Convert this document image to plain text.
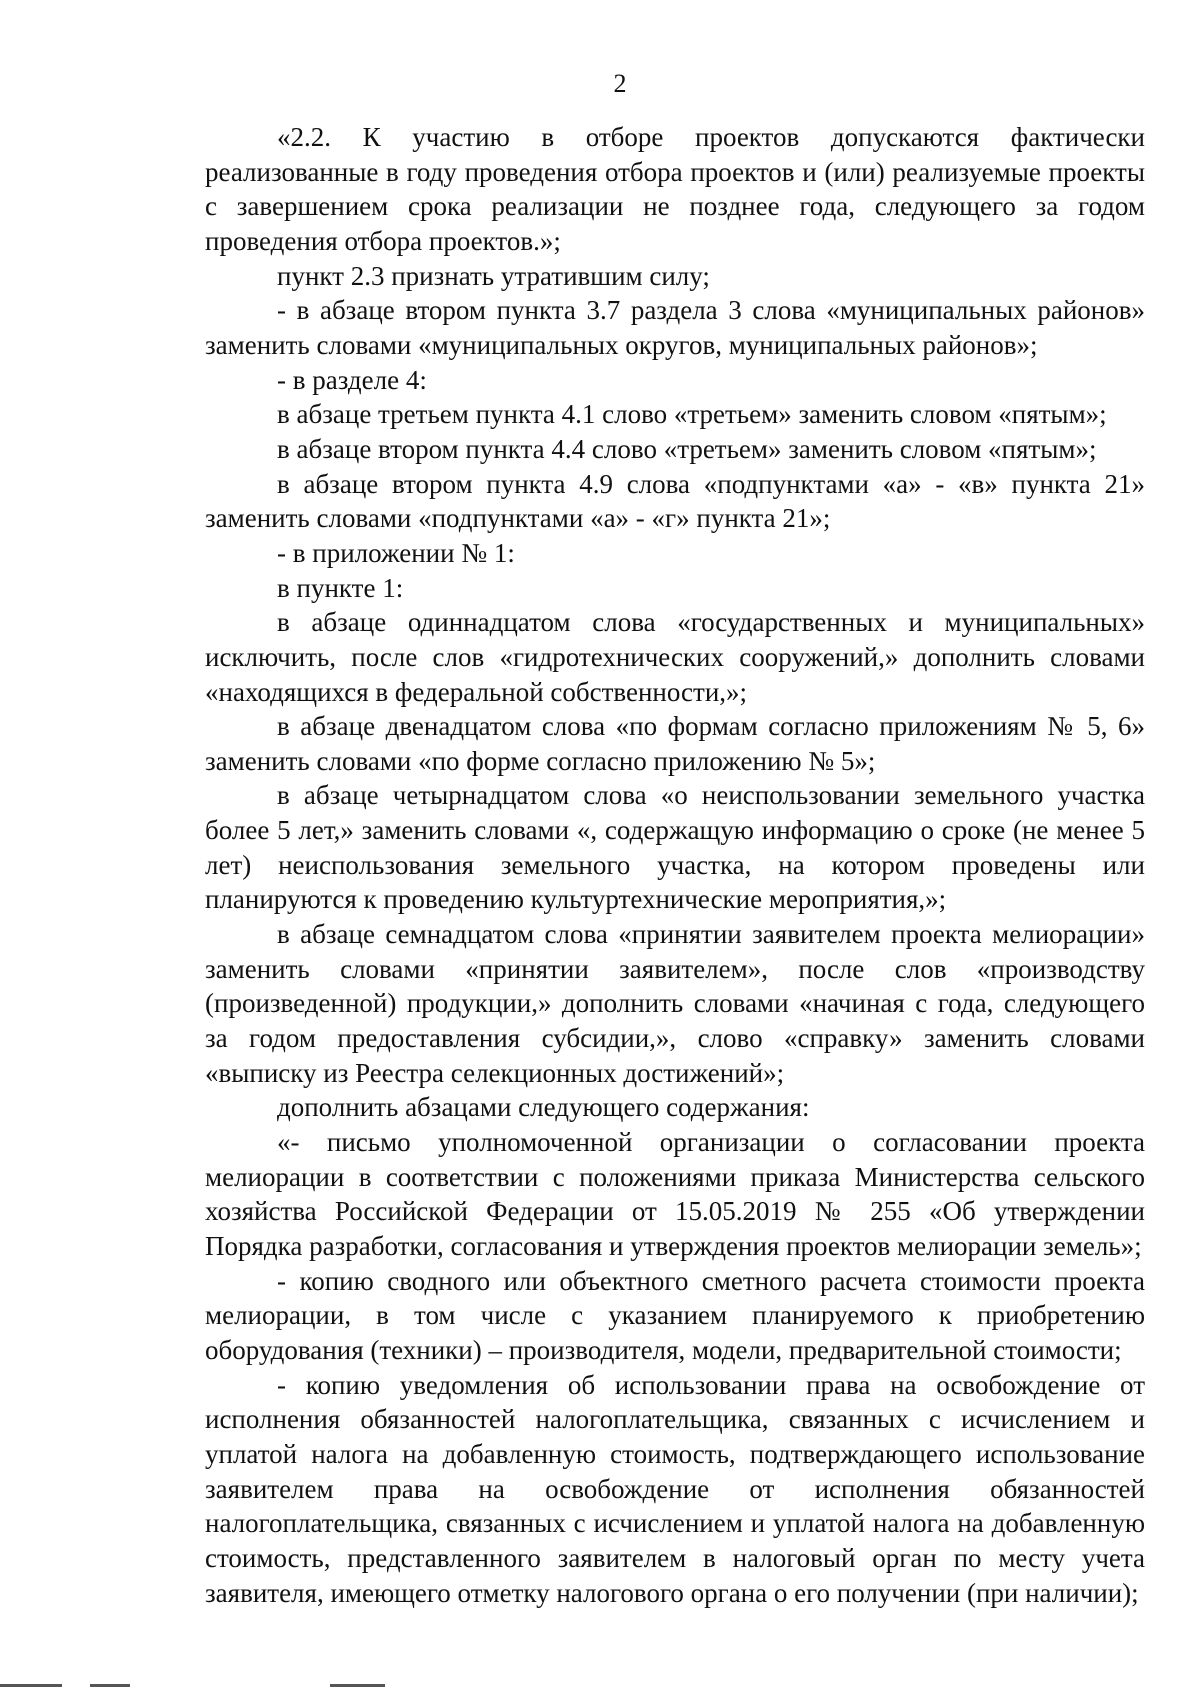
2

«2.2. К участию в отборе проектов допускаются фактически реализованные в году проведения отбора проектов и (или) реализуемые проекты с завершением срока реализации не позднее года, следующего за годом проведения отбора проектов.»;

пункт 2.3 признать утратившим силу;

- в абзаце втором пункта 3.7 раздела 3 слова «муниципальных районов» заменить словами «муниципальных округов, муниципальных районов»;

- в разделе 4:

в абзаце третьем пункта 4.1 слово «третьем» заменить словом «пятым»;

в абзаце втором пункта 4.4 слово «третьем» заменить словом «пятым»;

в абзаце втором пункта 4.9 слова «подпунктами «а» - «в» пункта 21» заменить словами «подпунктами «а» - «г» пункта 21»;

- в приложении № 1:

в пункте 1:

в абзаце одиннадцатом слова «государственных и муниципальных» исключить, после слов «гидротехнических сооружений,» дополнить словами «находящихся в федеральной собственности,»;

в абзаце двенадцатом слова «по формам согласно приложениям № 5, 6» заменить словами «по форме согласно приложению № 5»;

в абзаце четырнадцатом слова «о неиспользовании земельного участка более 5 лет,» заменить словами «, содержащую информацию о сроке (не менее 5 лет) неиспользования земельного участка, на котором проведены или планируются к проведению культуртехнические мероприятия,»;

в абзаце семнадцатом слова «принятии заявителем проекта мелиорации» заменить словами «принятии заявителем», после слов «производству (произведенной) продукции,» дополнить словами «начиная с года, следующего за годом предоставления субсидии,», слово «справку» заменить словами «выписку из Реестра селекционных достижений»;

дополнить абзацами следующего содержания:

«- письмо уполномоченной организации о согласовании проекта мелиорации в соответствии с положениями приказа Министерства сельского хозяйства Российской Федерации от 15.05.2019 № 255 «Об утверждении Порядка разработки, согласования и утверждения проектов мелиорации земель»;

- копию сводного или объектного сметного расчета стоимости проекта мелиорации, в том числе с указанием планируемого к приобретению оборудования (техники) – производителя, модели, предварительной стоимости;

- копию уведомления об использовании права на освобождение от исполнения обязанностей налогоплательщика, связанных с исчислением и уплатой налога на добавленную стоимость, подтверждающего использование заявителем права на освобождение от исполнения обязанностей налогоплательщика, связанных с исчислением и уплатой налога на добавленную стоимость, представленного заявителем в налоговый орган по месту учета заявителя, имеющего отметку налогового органа о его получении (при наличии);
